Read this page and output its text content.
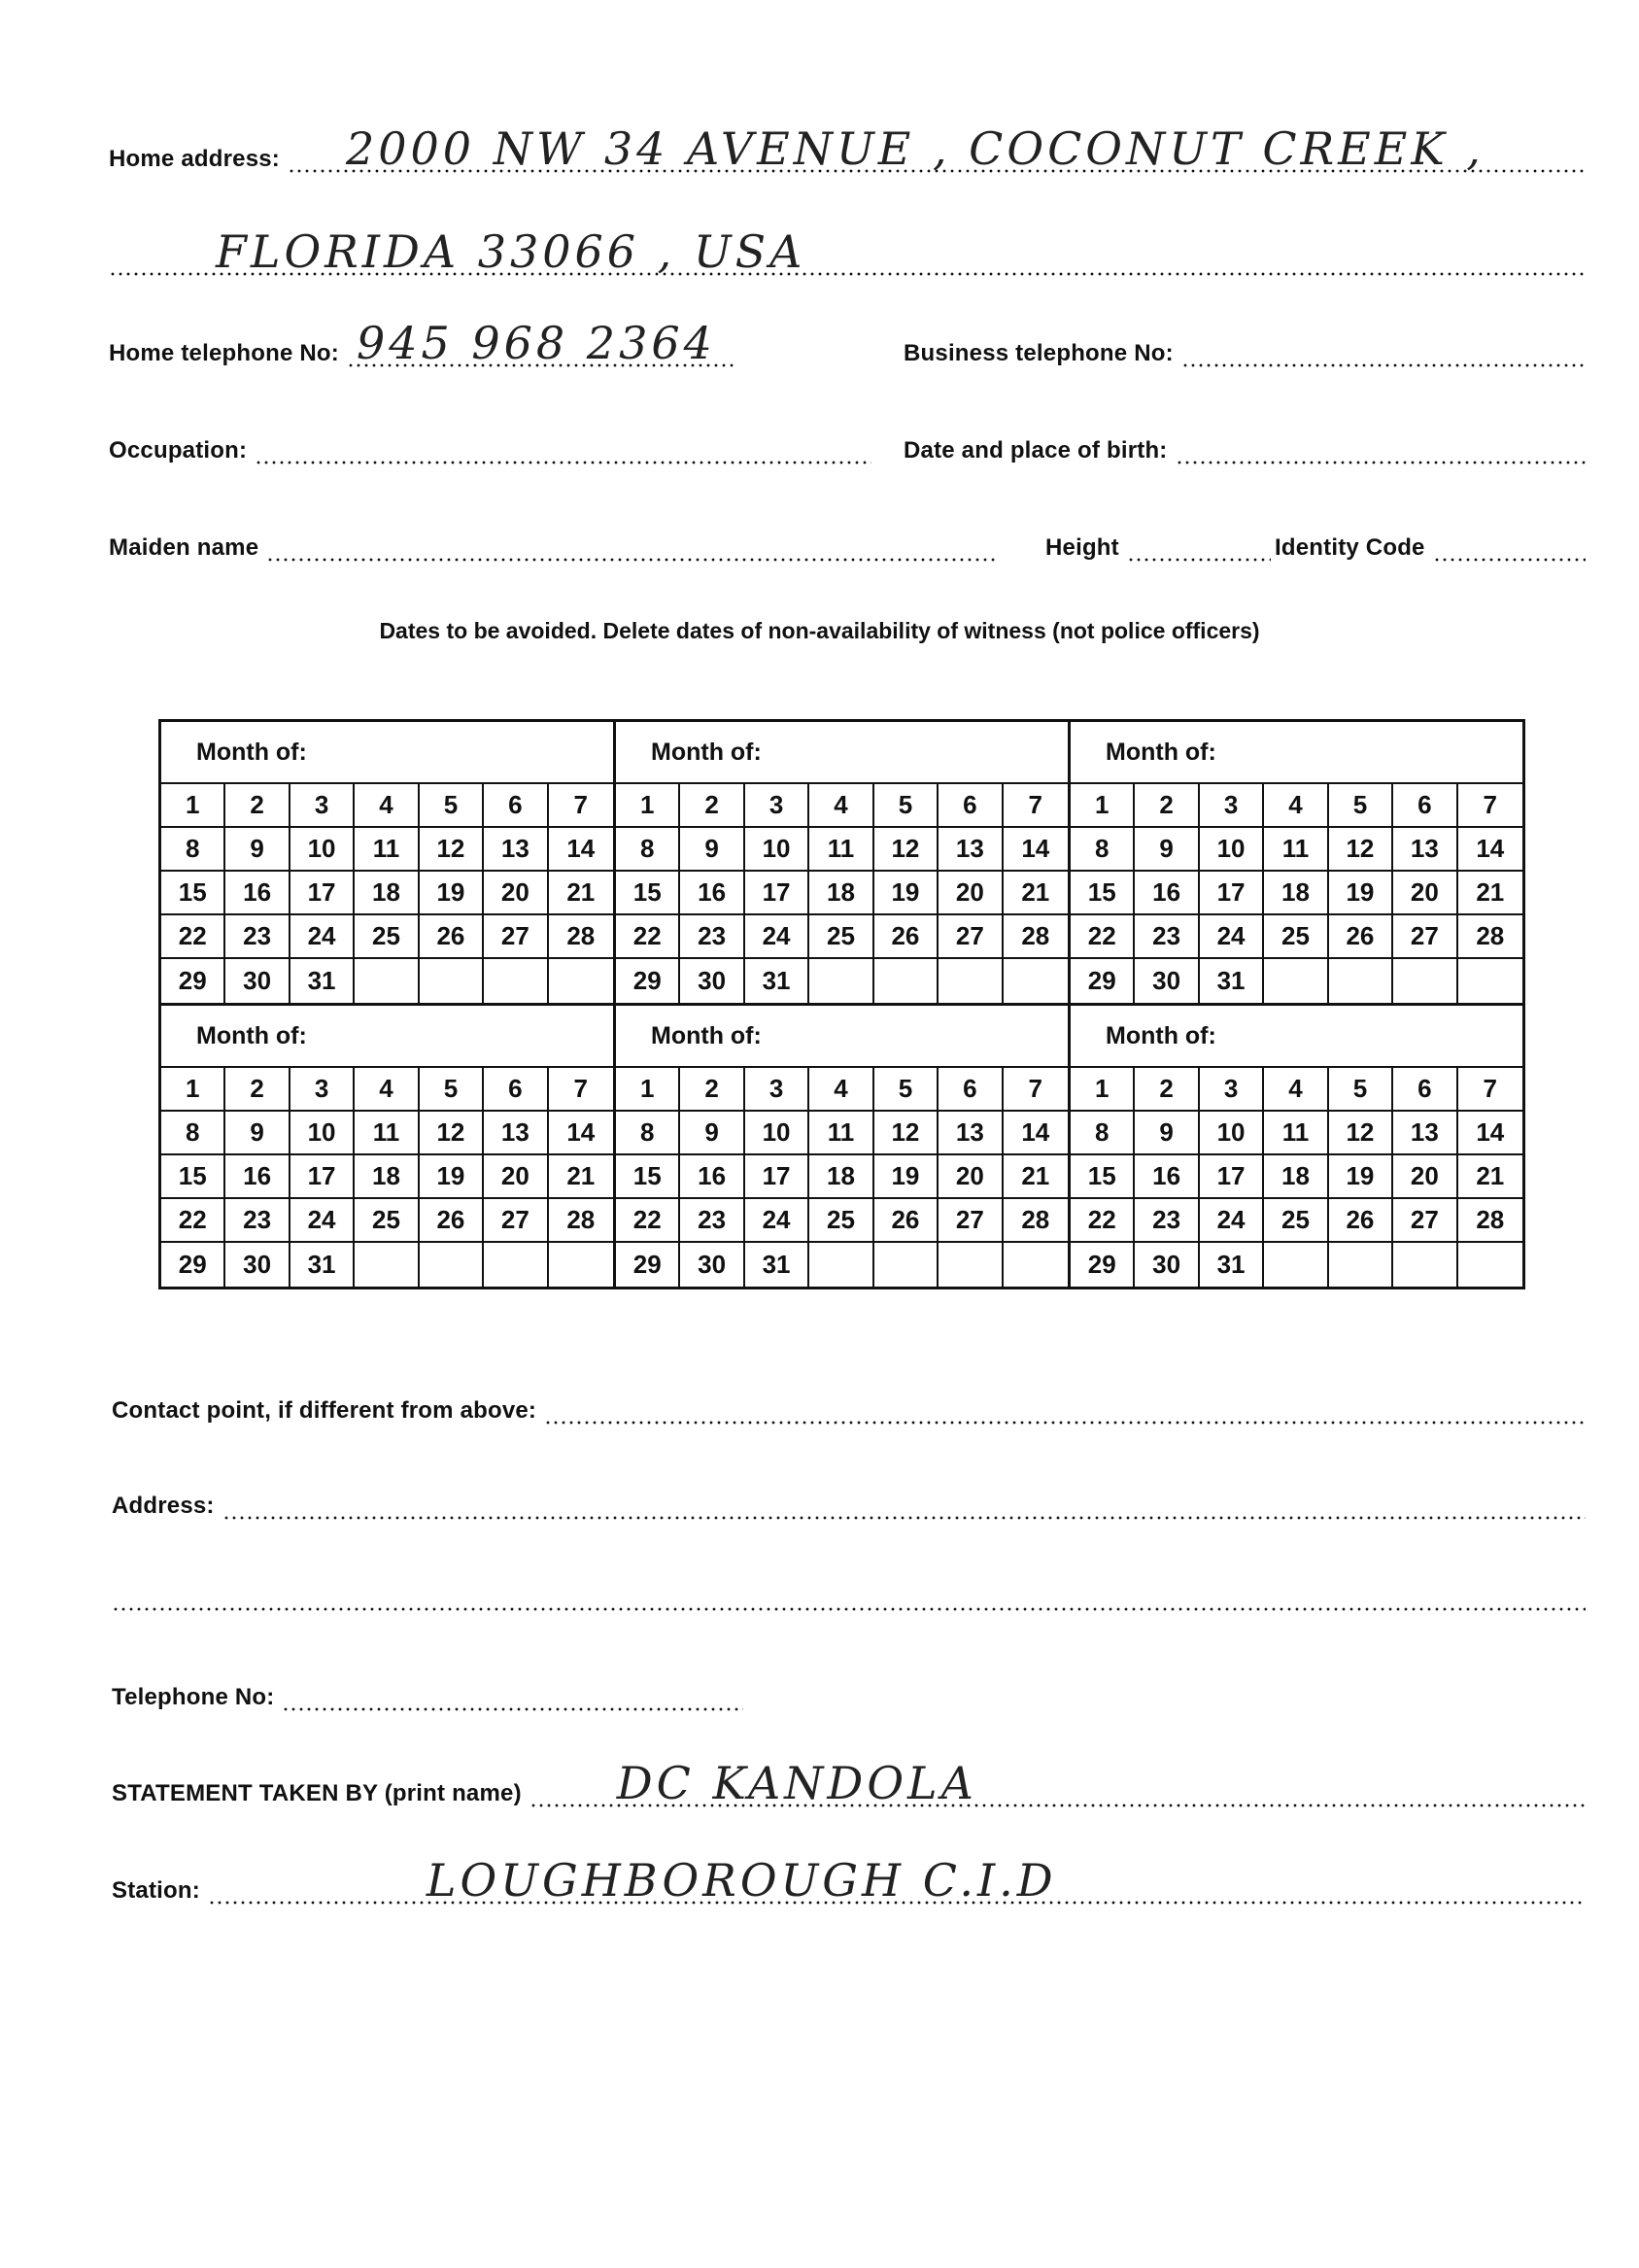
Home address: 2000 NW 34 AVENUE , COCONUT CREEK ,
FLORIDA 33066 , USA
Home telephone No: 945 968 2364	Business telephone No:
Occupation:	Date and place of birth:
Maiden name	Height	Identity Code
Dates to be avoided. Delete dates of non-availability of witness (not police officers)
Month of:
1	2	3	4	5	6	7
8	9	10	11	12	13	14
15	16	17	18	19	20	21
22	23	24	25	26	27	28
29	30	31
Month of:
1	2	3	4	5	6	7
8	9	10	11	12	13	14
15	16	17	18	19	20	21
22	23	24	25	26	27	28
29	30	31
Month of:
1	2	3	4	5	6	7
8	9	10	11	12	13	14
15	16	17	18	19	20	21
22	23	24	25	26	27	28
29	30	31
Month of:
1	2	3	4	5	6	7
8	9	10	11	12	13	14
15	16	17	18	19	20	21
22	23	24	25	26	27	28
29	30	31
Month of:
1	2	3	4	5	6	7
8	9	10	11	12	13	14
15	16	17	18	19	20	21
22	23	24	25	26	27	28
29	30	31
Month of:
1	2	3	4	5	6	7
8	9	10	11	12	13	14
15	16	17	18	19	20	21
22	23	24	25	26	27	28
29	30	31
Contact point, if different from above:
Address:
Telephone No:
STATEMENT TAKEN BY (print name) DC KANDOLA
Station:	LOUGHBOROUGH C.I.D
